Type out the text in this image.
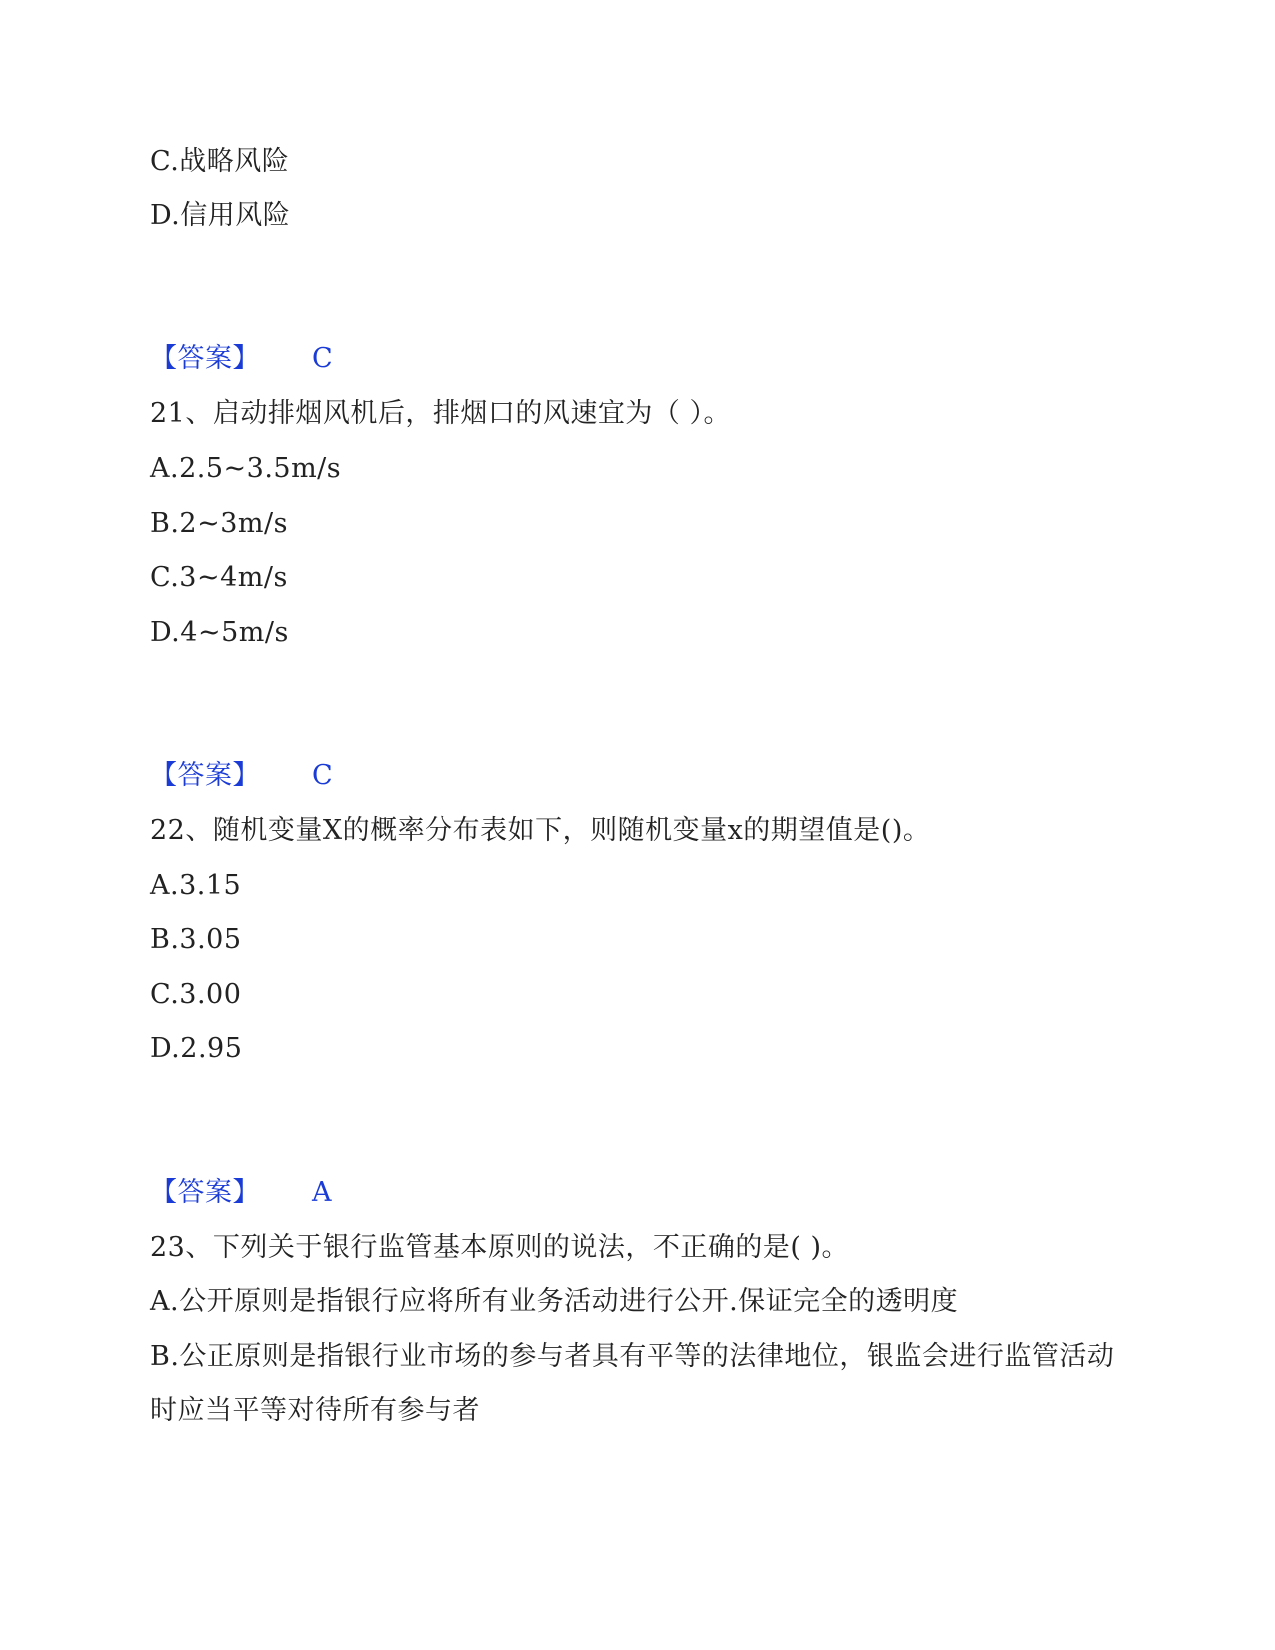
C.战略风险
D.信用风险
【答案】 C
21、启动排烟风机后，排烟口的风速宜为（ ）。
A.2.5~3.5m/s
B.2~3m/s
C.3~4m/s
D.4~5m/s
【答案】 C
22、随机变量X的概率分布表如下，则随机变量x的期望值是()。
A.3.15
B.3.05
C.3.00
D.2.95
【答案】 A
23、下列关于银行监管基本原则的说法，不正确的是( )。
A.公开原则是指银行应将所有业务活动进行公开.保证完全的透明度
B.公正原则是指银行业市场的参与者具有平等的法律地位，银监会进行监管活动时应当平等对待所有参与者
